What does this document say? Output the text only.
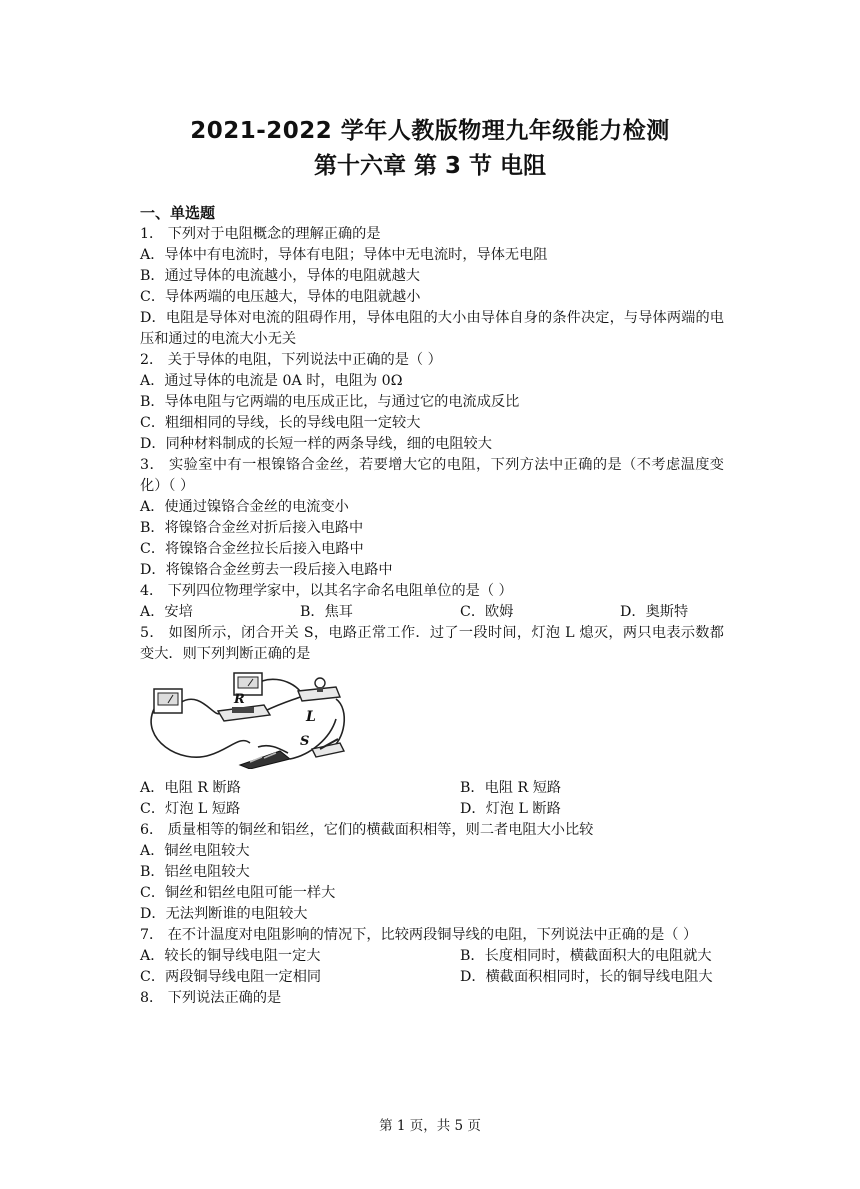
2021-2022 学年人教版物理九年级能力检测
第十六章 第 3 节 电阻
一、单选题
1． 下列对于电阻概念的理解正确的是
A．导体中有电流时，导体有电阻；导体中无电流时，导体无电阻
B．通过导体的电流越小，导体的电阻就越大
C．导体两端的电压越大，导体的电阻就越小
D．电阻是导体对电流的阻碍作用，导体电阻的大小由导体自身的条件决定，与导体两端的电压和通过的电流大小无关
2． 关于导体的电阻，下列说法中正确的是（ ）
A．通过导体的电流是 0A 时，电阻为 0Ω
B．导体电阻与它两端的电压成正比，与通过它的电流成反比
C．粗细相同的导线，长的导线电阻一定较大
D．同种材料制成的长短一样的两条导线，细的电阻较大
3． 实验室中有一根镍铬合金丝，若要增大它的电阻，下列方法中正确的是（不考虑温度变化）（ ）
A．使通过镍铬合金丝的电流变小
B．将镍铬合金丝对折后接入电路中
C．将镍铬合金丝拉长后接入电路中
D．将镍铬合金丝剪去一段后接入电路中
4． 下列四位物理学家中，以其名字命名电阻单位的是（ ）
A．安培	B．焦耳	C．欧姆	D．奥斯特
5． 如图所示，闭合开关 S，电路正常工作．过了一段时间，灯泡 L 熄灭，两只电表示数都变大．则下列判断正确的是
R
L
S
A．电阻 R 断路	B．电阻 R 短路
C．灯泡 L 短路	D．灯泡 L 断路
6． 质量相等的铜丝和铝丝，它们的横截面积相等，则二者电阻大小比较
A．铜丝电阻较大
B．铝丝电阻较大
C．铜丝和铝丝电阻可能一样大
D．无法判断谁的电阻较大
7． 在不计温度对电阻影响的情况下，比较两段铜导线的电阻，下列说法中正确的是（ ）
A．较长的铜导线电阻一定大	B．长度相同时，横截面积大的电阻就大
C．两段铜导线电阻一定相同	D．横截面积相同时，长的铜导线电阻大
8． 下列说法正确的是
第 1 页，共 5 页
